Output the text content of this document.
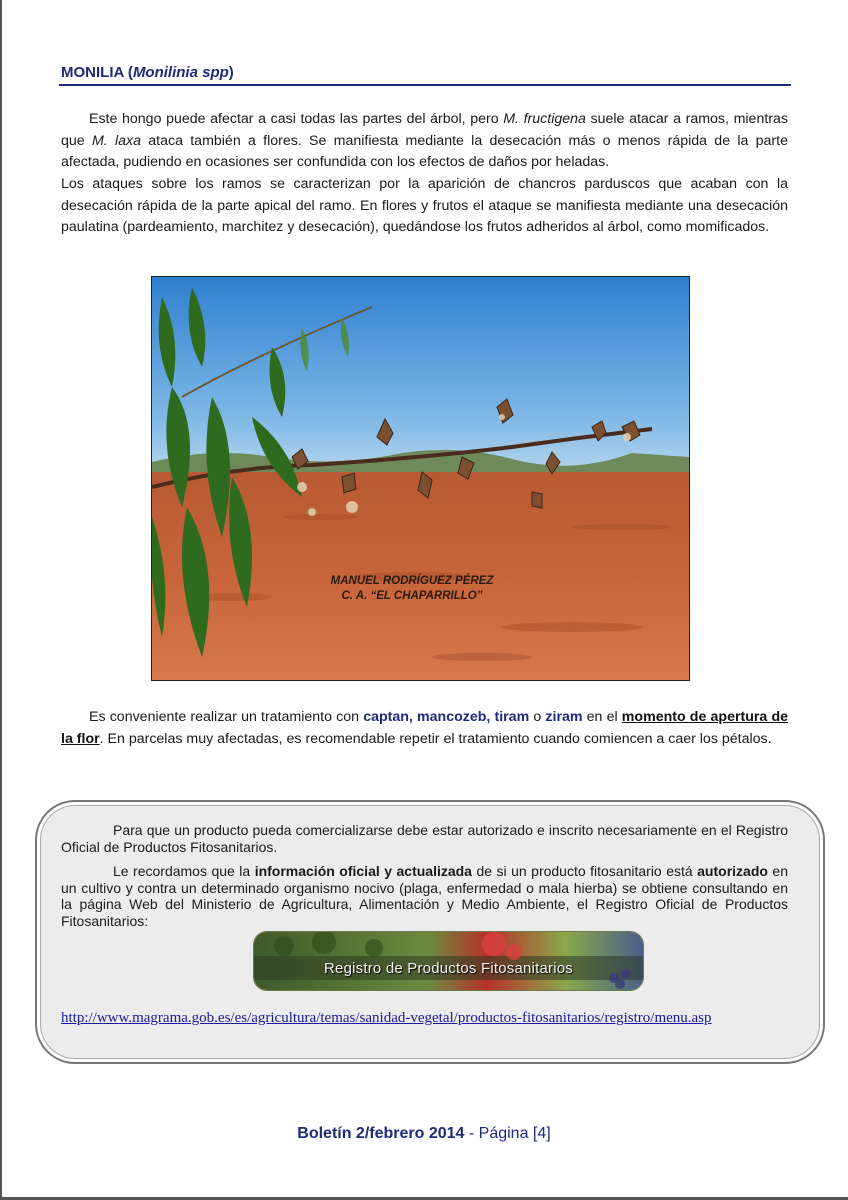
MONILIA (Monilinia spp)

Este hongo puede afectar a casi todas las partes del árbol, pero M. fructigena suele atacar a ramos, mientras que M. laxa ataca también a flores. Se manifiesta mediante la desecación más o menos rápida de la parte afectada, pudiendo en ocasiones ser confundida con los efectos de daños por heladas.

Los ataques sobre los ramos se caracterizan por la aparición de chancros parduscos que acaban con la desecación rápida de la parte apical del ramo. En flores y frutos el ataque se manifiesta mediante una desecación paulatina (pardeamiento, marchitez y desecación), quedándose los frutos adheridos al árbol, como momificados.

MANUEL RODRÍGUEZ PÉREZ
C. A. “EL CHAPARRILLO”

Es conveniente realizar un tratamiento con captan, mancozeb, tiram o ziram en el momento de apertura de la flor. En parcelas muy afectadas, es recomendable repetir el tratamiento cuando comiencen a caer los pétalos.

Para que un producto pueda comercializarse debe estar autorizado e inscrito necesariamente en el Registro Oficial de Productos Fitosanitarios.

Le recordamos que la información oficial y actualizada de si un producto fitosanitario está autorizado en un cultivo y contra un determinado organismo nocivo (plaga, enfermedad o mala hierba) se obtiene consultando en la página Web del Ministerio de Agricultura, Alimentación y Medio Ambiente, el Registro Oficial de Productos Fitosanitarios:

Registro de Productos Fitosanitarios
http://www.magrama.gob.es/es/agricultura/temas/sanidad-vegetal/productos-fitosanitarios/registro/menu.asp
Boletín 2/febrero 2014 - Página [4]
